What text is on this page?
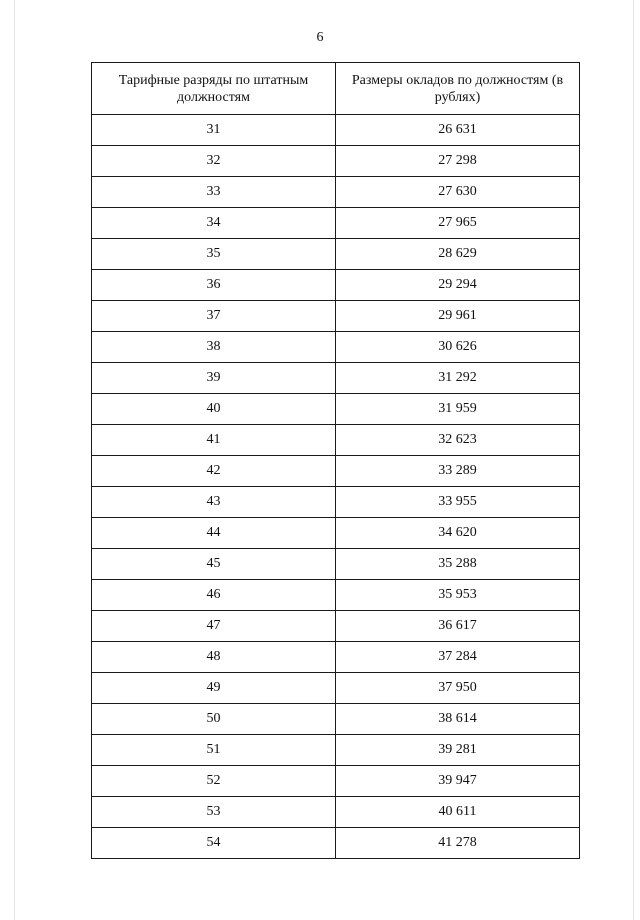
6
Тарифные разряды по штатным должностям	Размеры окладов по должностям (в рублях)
31	26 631
32	27 298
33	27 630
34	27 965
35	28 629
36	29 294
37	29 961
38	30 626
39	31 292
40	31 959
41	32 623
42	33 289
43	33 955
44	34 620
45	35 288
46	35 953
47	36 617
48	37 284
49	37 950
50	38 614
51	39 281
52	39 947
53	40 611
54	41 278
